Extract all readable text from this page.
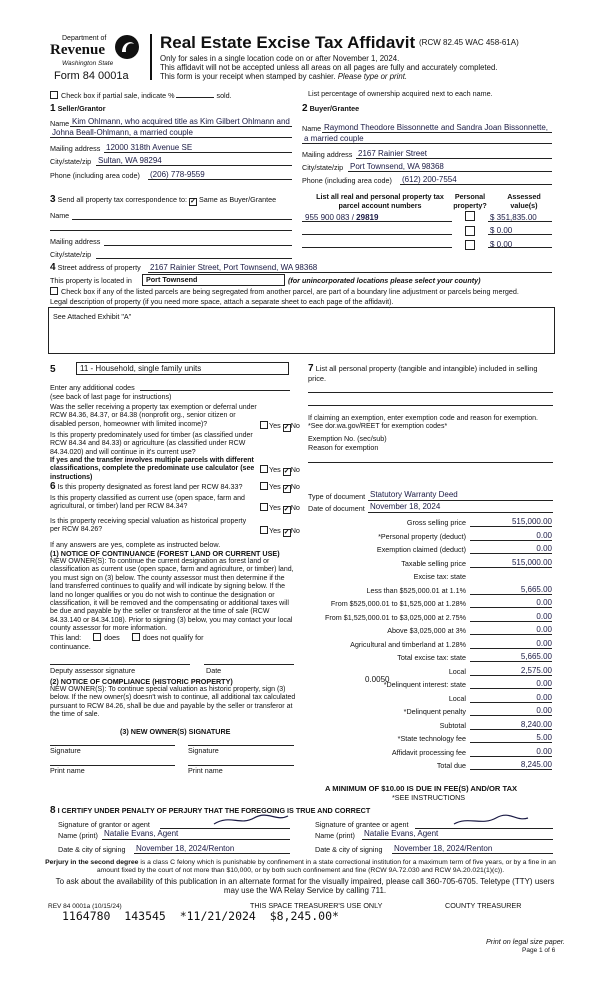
Department of
Revenue
Washington State
Form 84 0001a
Real Estate Excise Tax Affidavit (RCW 82.45 WAC 458-61A)
Only for sales in a single location code on or after November 1, 2024.
This affidavit will not be accepted unless all areas on all pages are fully and accurately completed.
This form is your receipt when stamped by cashier. Please type or print.
Check box if partial sale, indicate %	sold.	List percentage of ownership acquired next to each name.
1 Seller/Grantor
Name Kim Ohlmann, who acquired title as Kim Gilbert Ohlmann and
Johna Beall-Ohlmann, a married couple
Mailing address 12000 318th Avenue SE
City/state/zip Sultan, WA 98294
Phone (including area code) (206) 778-9559
2 Buyer/Grantee
Name Raymond Theodore Bissonnette and Sandra Joan Bissonnette,
a married couple
Mailing address 2167 Rainier Street
City/state/zip Port Townsend, WA 98368
Phone (including area code) (612) 200-7554
3 Send all property tax correspondence to: ✓ Same as Buyer/Grantee
Name
Mailing address
City/state/zip
List all real and personal property tax
parcel account numbers
Personal
property?
Assessed
value(s)
955 900 083 / 29819	$ 351,835.00
$ 0.00
$ 0.00
4 Street address of property 2167 Rainier Street, Port Townsend, WA 98368
This property is located in	Port Townsend	(for unincorporated locations please select your county)
Check box if any of the listed parcels are being segregated from another parcel, are part of a boundary line adjustment or parcels being merged.
Legal description of property (if you need more space, attach a separate sheet to each page of the affidavit).
See Attached Exhibit "A"
5	11 - Household, single family units
Enter any additional codes
(see back of last page for instructions)
Was the seller receiving a property tax exemption or deferral under RCW 84.36, 84.37, or 84.38 (nonprofit org., senior citizen or disabled person, homeowner with limited income)?	Yes ✓No
Is this property predominately used for timber (as classified under RCW 84.34 and 84.33) or agriculture (as classified under RCW 84.34.020) and will continue in it's current use?
If yes and the transfer involves multiple parcels with different classifications, complete the predominate use calculator (see instructions)
Yes ✓No
6 Is this property designated as forest land per RCW 84.33?	Yes ✓No
Is this property classified as current use (open space, farm and agricultural, or timber) land per RCW 84.34?	Yes ✓No
Is this property receiving special valuation as historical property per RCW 84.26?	Yes ✓No
If any answers are yes, complete as instructed below.
(1) NOTICE OF CONTINUANCE (FOREST LAND OR CURRENT USE)
NEW OWNER(S): To continue the current designation as forest land or classification as current use (open space, farm and agriculture, or timber) land, you must sign on (3) below. The county assessor must then determine if the land transferred continues to qualify and will indicate by signing below. If the land no longer qualifies or you do not wish to continue the designation or classification, it will be removed and the compensating or additional taxes will be due and payable by the seller or transferor at the time of sale (RCW 84.33.140 or 84.34.108). Prior to signing (3) below, you may contact your local county assessor for more information.
This land:	does	does not qualify for
continuance.
Deputy assessor signature	Date
(2) NOTICE OF COMPLIANCE (HISTORIC PROPERTY)
NEW OWNER(S): To continue special valuation as historic property, sign (3) below. If the new owner(s) doesn't wish to continue, all additional tax calculated pursuant to RCW 84.26, shall be due and payable by the seller or transferor at the time of sale.
(3) NEW OWNER(S) SIGNATURE
Signature	Signature
Print name	Print name
7 List all personal property (tangible and intangible) included in selling price.
If claiming an exemption, enter exemption code and reason for exemption. *See dor.wa.gov/REET for exemption codes*
Exemption No. (sec/sub)
Reason for exemption
Type of document Statutory Warranty Deed
Date of document November 18, 2024
Gross selling price	515,000.00
*Personal property (deduct)	0.00
Exemption claimed (deduct)	0.00
Taxable selling price	515,000.00
Excise tax: state
Less than $525,000.01 at 1.1%	5,665.00
From $525,000.01 to $1,525,000 at 1.28%	0.00
From $1,525,000.01 to $3,025,000 at 2.75%	0.00
Above $3,025,000 at 3%	0.00
Agricultural and timberland at 1.28%	0.00
Total excise tax: state	5,665.00
Local	2,575.00
*Delinquent interest: state	0.00
Local	0.00
*Delinquent penalty	0.00
Subtotal	8,240.00
*State technology fee	5.00
Affidavit processing fee	0.00
Total due	8,245.00
0.0050
A MINIMUM OF $10.00 IS DUE IN FEE(S) AND/OR TAX
*SEE INSTRUCTIONS
8 I CERTIFY UNDER PENALTY OF PERJURY THAT THE FOREGOING IS TRUE AND CORRECT
Signature of grantor or agent
Name (print) Natalie Evans, Agent
Date & city of signing November 18, 2024/Renton
Signature of grantee or agent
Name (print) Natalie Evans, Agent
Date & city of signing November 18, 2024/Renton
Perjury in the second degree is a class C felony which is punishable by confinement in a state correctional institution for a maximum term of five years, or by a fine in an amount fixed by the court of not more than $10,000, or by both such confinement and fine (RCW 9A.72.030 and RCW 9A.20.021(1)(c)).
To ask about the availability of this publication in an alternate format for the visually impaired, please call 360-705-6705. Teletype (TTY) users may use the WA Relay Service by calling 711.
REV 84 0001a (10/15/24)	THIS SPACE TREASURER'S USE ONLY	COUNTY TREASURER
1164780  143545  *11/21/2024  $8,245.00*
Print on legal size paper.
Page 1 of 6
